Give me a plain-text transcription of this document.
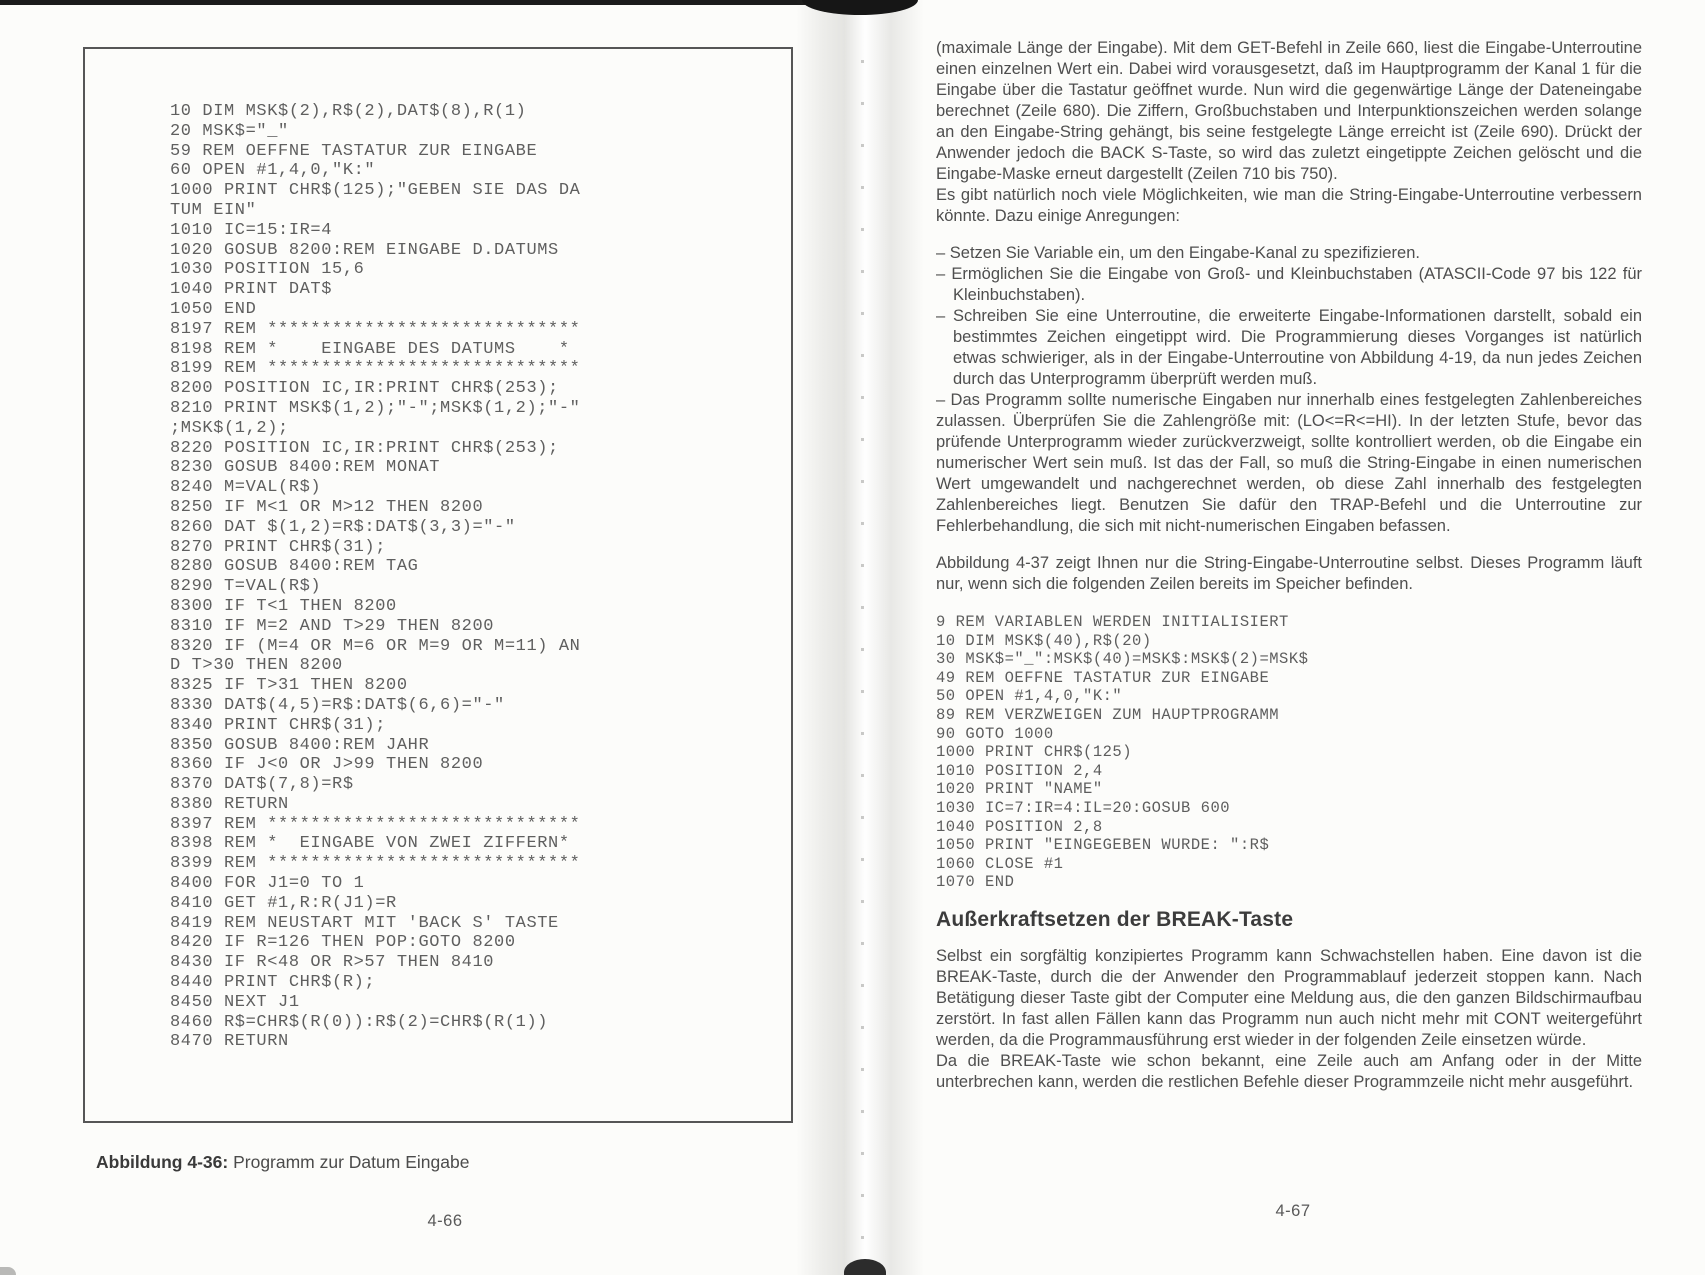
10 DIM MSK$(2),R$(2),DAT$(8),R(1)
20 MSK$="_"
59 REM OEFFNE TASTATUR ZUR EINGABE
60 OPEN #1,4,0,"K:"
1000 PRINT CHR$(125);"GEBEN SIE DAS DA
TUM EIN"
1010 IC=15:IR=4
1020 GOSUB 8200:REM EINGABE D.DATUMS
1030 POSITION 15,6
1040 PRINT DAT$
1050 END
8197 REM *****************************
8198 REM *    EINGABE DES DATUMS    *
8199 REM *****************************
8200 POSITION IC,IR:PRINT CHR$(253);
8210 PRINT MSK$(1,2);"-";MSK$(1,2);"-"
;MSK$(1,2);
8220 POSITION IC,IR:PRINT CHR$(253);
8230 GOSUB 8400:REM MONAT
8240 M=VAL(R$)
8250 IF M<1 OR M>12 THEN 8200
8260 DAT $(1,2)=R$:DAT$(3,3)="-"
8270 PRINT CHR$(31);
8280 GOSUB 8400:REM TAG
8290 T=VAL(R$)
8300 IF T<1 THEN 8200
8310 IF M=2 AND T>29 THEN 8200
8320 IF (M=4 OR M=6 OR M=9 OR M=11) AN
D T>30 THEN 8200
8325 IF T>31 THEN 8200
8330 DAT$(4,5)=R$:DAT$(6,6)="-"
8340 PRINT CHR$(31);
8350 GOSUB 8400:REM JAHR
8360 IF J<0 OR J>99 THEN 8200
8370 DAT$(7,8)=R$
8380 RETURN
8397 REM *****************************
8398 REM *  EINGABE VON ZWEI ZIFFERN*
8399 REM *****************************
8400 FOR J1=0 TO 1
8410 GET #1,R:R(J1)=R
8419 REM NEUSTART MIT 'BACK S' TASTE
8420 IF R=126 THEN POP:GOTO 8200
8430 IF R<48 OR R>57 THEN 8410
8440 PRINT CHR$(R);
8450 NEXT J1
8460 R$=CHR$(R(0)):R$(2)=CHR$(R(1))
8470 RETURN
Abbildung 4-36: Programm zur Datum Eingabe
4-66

(maximale Länge der Eingabe). Mit dem GET-Befehl in Zeile 660, liest die Eingabe-Unterroutine einen einzelnen Wert ein. Dabei wird vorausgesetzt, daß im Hauptprogramm der Kanal 1 für die Eingabe über die Tastatur geöffnet wurde. Nun wird die gegenwärtige Länge der Dateneingabe berechnet (Zeile 680). Die Ziffern, Großbuchstaben und Interpunktionszeichen werden solange an den Eingabe-String gehängt, bis seine festgelegte Länge erreicht ist (Zeile 690). Drückt der Anwender jedoch die BACK S-Taste, so wird das zuletzt eingetippte Zeichen gelöscht und die Eingabe-Maske erneut dargestellt (Zeilen 710 bis 750).

Es gibt natürlich noch viele Möglichkeiten, wie man die String-Eingabe-Unterroutine verbessern könnte. Dazu einige Anregungen:

– Setzen Sie Variable ein, um den Eingabe-Kanal zu spezifizieren.

– Ermöglichen Sie die Eingabe von Groß- und Kleinbuchstaben (ATASCII-Code 97 bis 122 für Kleinbuchstaben).

– Schreiben Sie eine Unterroutine, die erweiterte Eingabe-Informationen darstellt, sobald ein bestimmtes Zeichen eingetippt wird. Die Programmierung dieses Vorganges ist natürlich etwas schwieriger, als in der Eingabe-Unterroutine von Abbildung 4-19, da nun jedes Zeichen durch das Unterprogramm überprüft werden muß.

– Das Programm sollte numerische Eingaben nur innerhalb eines festgelegten Zahlenbereiches zulassen. Überprüfen Sie die Zahlengröße mit: (LO<=R<=HI). In der letzten Stufe, bevor das prüfende Unterprogramm wieder zurückverzweigt, sollte kontrolliert werden, ob die Eingabe ein numerischer Wert sein muß. Ist das der Fall, so muß die String-Eingabe in einen numerischen Wert umgewandelt und nachgerechnet werden, ob diese Zahl innerhalb des festgelegten Zahlenbereiches liegt. Benutzen Sie dafür den TRAP-Befehl und die Unterroutine zur Fehlerbehandlung, die sich mit nicht-numerischen Eingaben befassen.

Abbildung 4-37 zeigt Ihnen nur die String-Eingabe-Unterroutine selbst. Dieses Programm läuft nur, wenn sich die folgenden Zeilen bereits im Speicher befinden.

9 REM VARIABLEN WERDEN INITIALISIERT
10 DIM MSK$(40),R$(20)
30 MSK$="_":MSK$(40)=MSK$:MSK$(2)=MSK$
49 REM OEFFNE TASTATUR ZUR EINGABE
50 OPEN #1,4,0,"K:"
89 REM VERZWEIGEN ZUM HAUPTPROGRAMM
90 GOTO 1000
1000 PRINT CHR$(125)
1010 POSITION 2,4
1020 PRINT "NAME"
1030 IC=7:IR=4:IL=20:GOSUB 600
1040 POSITION 2,8
1050 PRINT "EINGEGEBEN WURDE: ":R$
1060 CLOSE #1
1070 END
Außerkraftsetzen der BREAK-Taste

Selbst ein sorgfältig konzipiertes Programm kann Schwachstellen haben. Eine davon ist die BREAK-Taste, durch die der Anwender den Programmablauf jederzeit stoppen kann. Nach Betätigung dieser Taste gibt der Computer eine Meldung aus, die den ganzen Bildschirmaufbau zerstört. In fast allen Fällen kann das Programm nun auch nicht mehr mit CONT weitergeführt werden, da die Programmausführung erst wieder in der folgenden Zeile einsetzen würde.

Da die BREAK-Taste wie schon bekannt, eine Zeile auch am Anfang oder in der Mitte unterbrechen kann, werden die restlichen Befehle dieser Programmzeile nicht mehr ausgeführt.

4-67
